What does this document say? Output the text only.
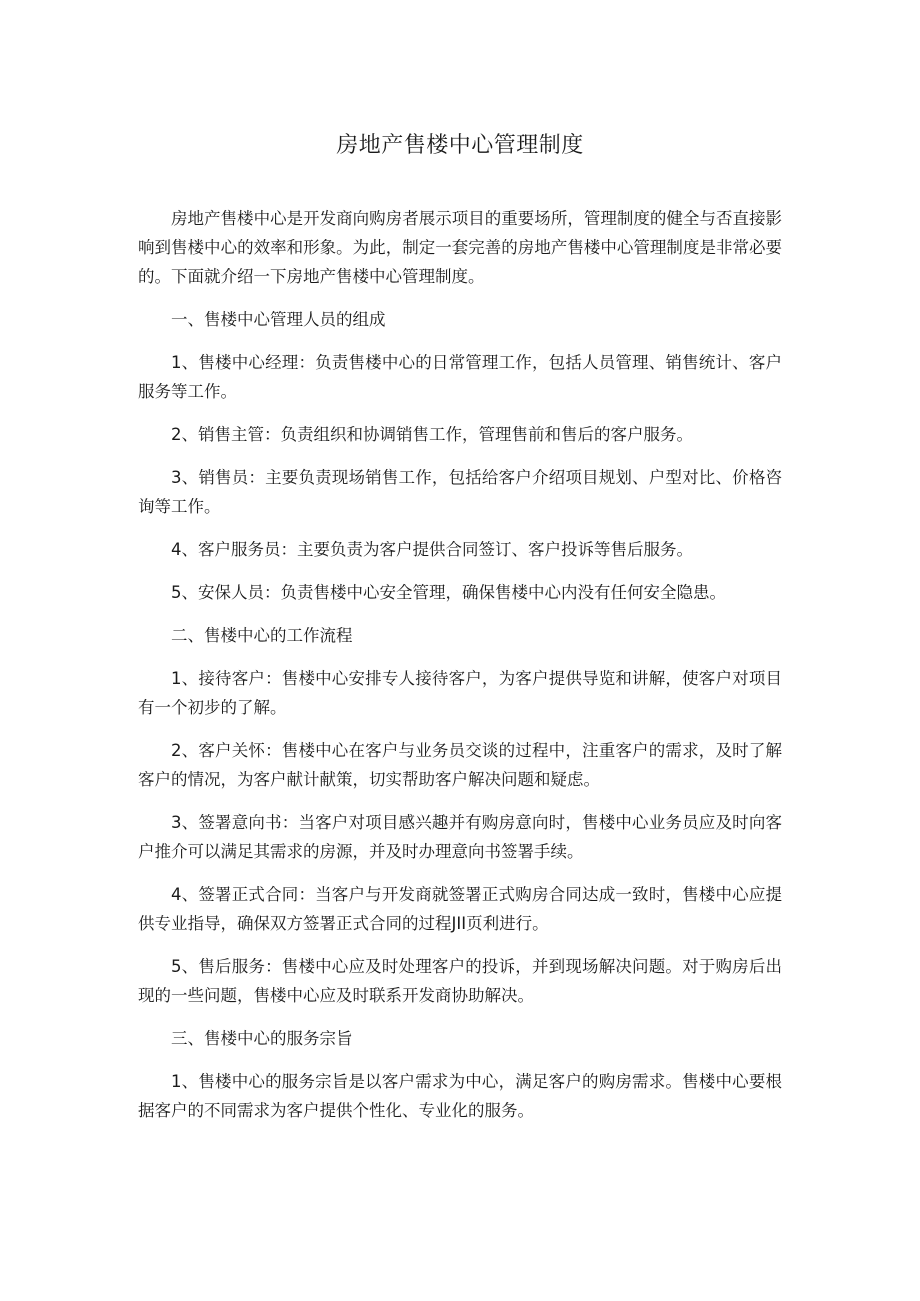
房地产售楼中心管理制度

房地产售楼中心是开发商向购房者展示项目的重要场所，管理制度的健全与否直接影响到售楼中心的效率和形象。为此，制定一套完善的房地产售楼中心管理制度是非常必要的。下面就介绍一下房地产售楼中心管理制度。

一、售楼中心管理人员的组成

1、售楼中心经理：负责售楼中心的日常管理工作，包括人员管理、销售统计、客户服务等工作。

2、销售主管：负责组织和协调销售工作，管理售前和售后的客户服务。

3、销售员：主要负责现场销售工作，包括给客户介绍项目规划、户型对比、价格咨询等工作。

4、客户服务员：主要负责为客户提供合同签订、客户投诉等售后服务。

5、安保人员：负责售楼中心安全管理，确保售楼中心内没有任何安全隐患。

二、售楼中心的工作流程

1、接待客户：售楼中心安排专人接待客户，为客户提供导览和讲解，使客户对项目有一个初步的了解。

2、客户关怀：售楼中心在客户与业务员交谈的过程中，注重客户的需求，及时了解客户的情况，为客户献计献策，切实帮助客户解决问题和疑虑。

3、签署意向书：当客户对项目感兴趣并有购房意向时，售楼中心业务员应及时向客户推介可以满足其需求的房源，并及时办理意向书签署手续。

4、签署正式合同：当客户与开发商就签署正式购房合同达成一致时，售楼中心应提供专业指导，确保双方签署正式合同的过程JII页利进行。

5、售后服务：售楼中心应及时处理客户的投诉，并到现场解决问题。对于购房后出现的一些问题，售楼中心应及时联系开发商协助解决。

三、售楼中心的服务宗旨

1、售楼中心的服务宗旨是以客户需求为中心，满足客户的购房需求。售楼中心要根据客户的不同需求为客户提供个性化、专业化的服务。
